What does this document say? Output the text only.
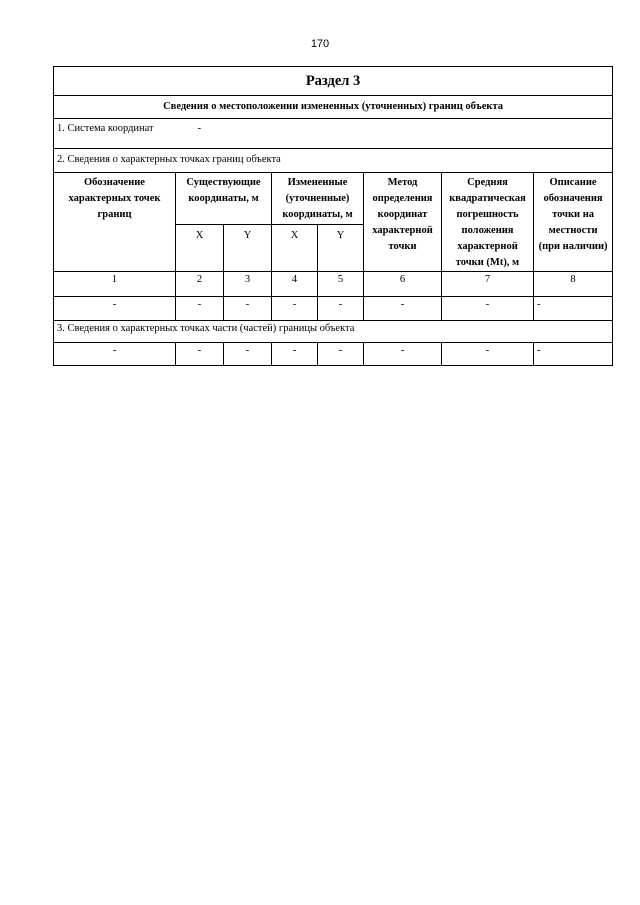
170
Раздел 3							
Сведения о местоположении измененных (уточненных) границ объекта							
1. Система координат -							
2. Сведения о характерных точках границ объекта							
Обозначение характерных точек границ	Существующие координаты, м		Измененные (уточненные) координаты, м		Метод определения координат характерной точки	Средняя квадратическая погрешность положения характерной точки (Mt), м	Описание обозначения точки на местности (при наличии)
	X	Y	X	Y			
1	2	3	4	5	6	7	8
-	-	-	-	-	-	-	-
3. Сведения о характерных точках части (частей) границы объекта							
-	-	-	-	-	-	-	-
